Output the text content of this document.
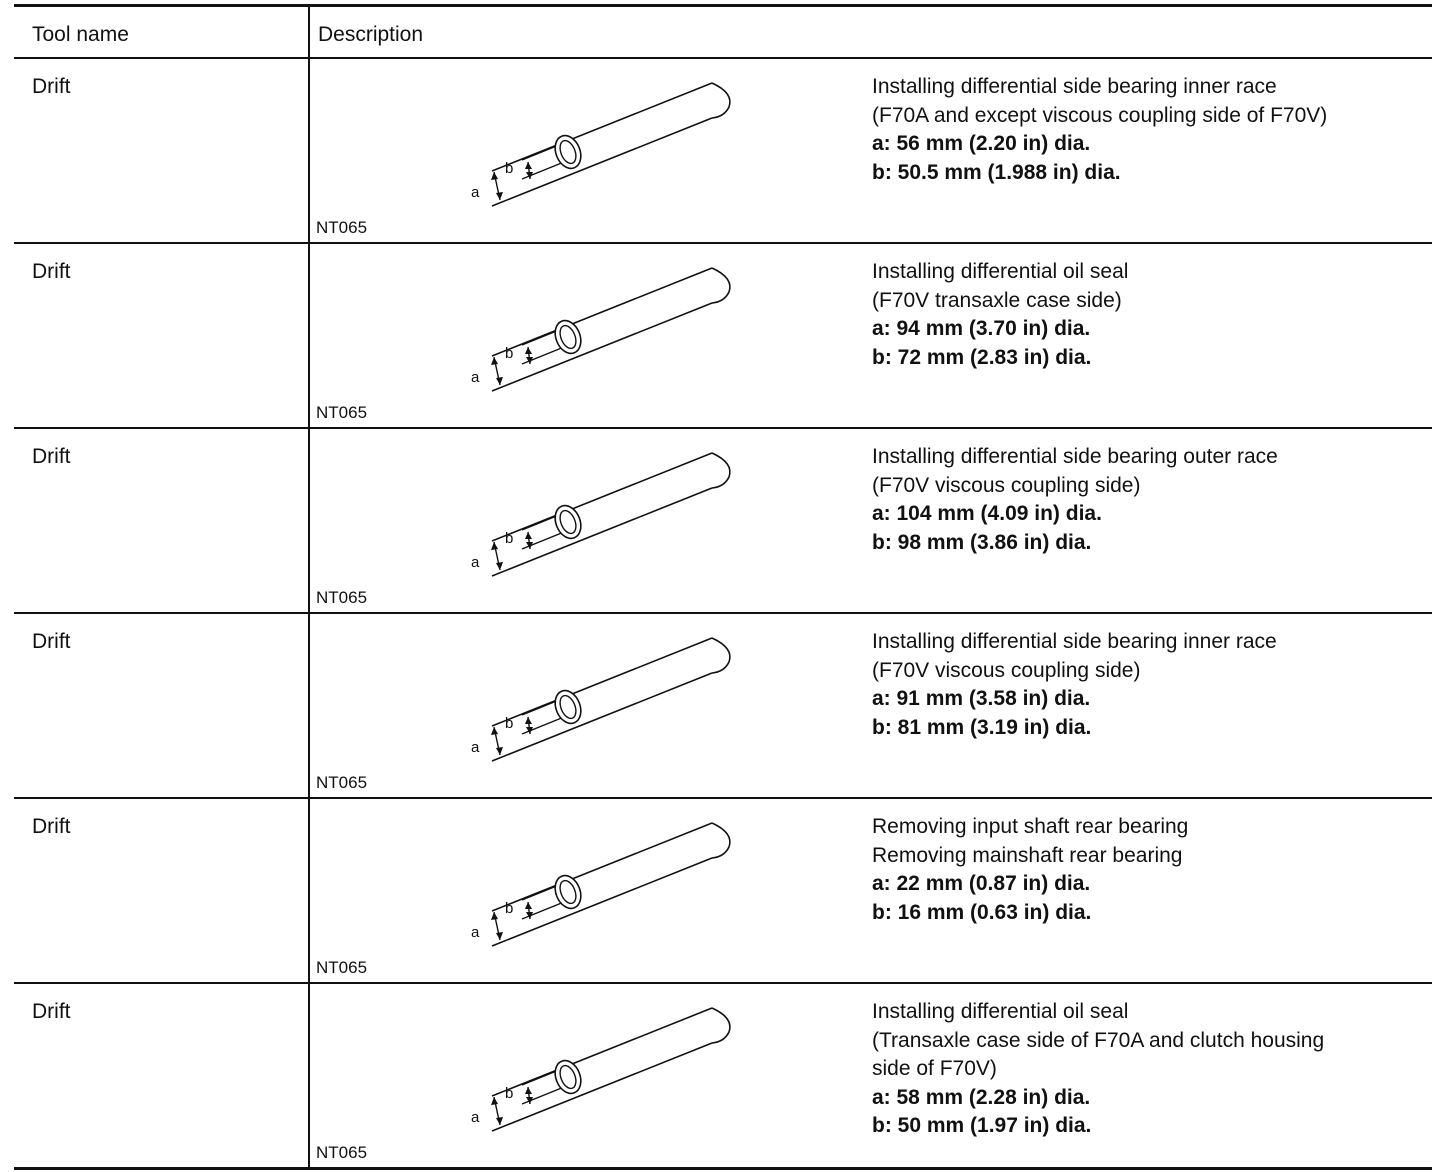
Tool name	Description
Drift
a
b
NT065
Installing differential side bearing inner race
(F70A and except viscous coupling side of F70V)
a: 56 mm (2.20 in) dia.
b: 50.5 mm (1.988 in) dia.
Drift
a
b
NT065
Installing differential oil seal
(F70V transaxle case side)
a: 94 mm (3.70 in) dia.
b: 72 mm (2.83 in) dia.
Drift
a
b
NT065
Installing differential side bearing outer race
(F70V viscous coupling side)
a: 104 mm (4.09 in) dia.
b: 98 mm (3.86 in) dia.
Drift
a
b
NT065
Installing differential side bearing inner race
(F70V viscous coupling side)
a: 91 mm (3.58 in) dia.
b: 81 mm (3.19 in) dia.
Drift
a
b
NT065
Removing input shaft rear bearing
Removing mainshaft rear bearing
a: 22 mm (0.87 in) dia.
b: 16 mm (0.63 in) dia.
Drift
a
b
NT065
Installing differential oil seal
(Transaxle case side of F70A and clutch housing
side of F70V)
a: 58 mm (2.28 in) dia.
b: 50 mm (1.97 in) dia.
